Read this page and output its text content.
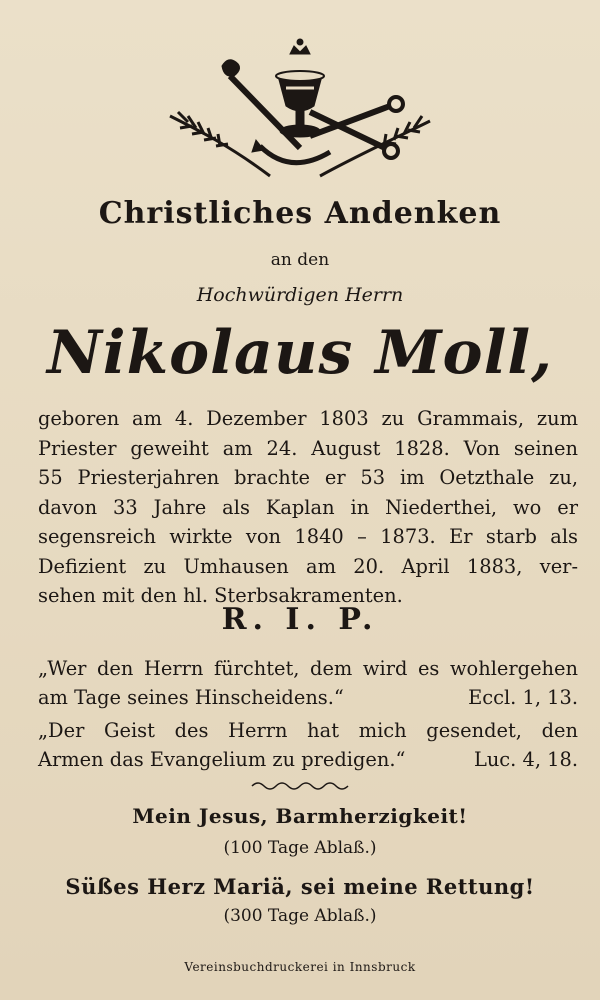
Christliches Andenken
an den
Hochwürdigen Herrn
Nikolaus Moll,
geboren am 4. Dezember 1803 zu Grammais, zum
Priester geweiht am 24. August 1828. Von seinen
55 Priesterjahren brachte er 53 im Oetzthale zu,
davon 33 Jahre als Kaplan in Niederthei, wo er
segensreich wirkte von 1840 – 1873. Er starb als
Defizient zu Umhausen am 20. April 1883, ver-
sehen mit den hl. Sterbsakramenten.
R. I. P.
„Wer den Herrn fürchtet, dem wird es wohlergehen
am Tage seines Hinscheidens.“	Eccl. 1, 13.
„Der Geist des Herrn hat mich gesendet, den
Armen das Evangelium zu predigen.“	Luc. 4, 18.
Mein Jesus, Barmherzigkeit!
(100 Tage Ablaß.)
Süßes Herz Mariä, sei meine Rettung!
(300 Tage Ablaß.)
Vereinsbuchdruckerei in Innsbruck
